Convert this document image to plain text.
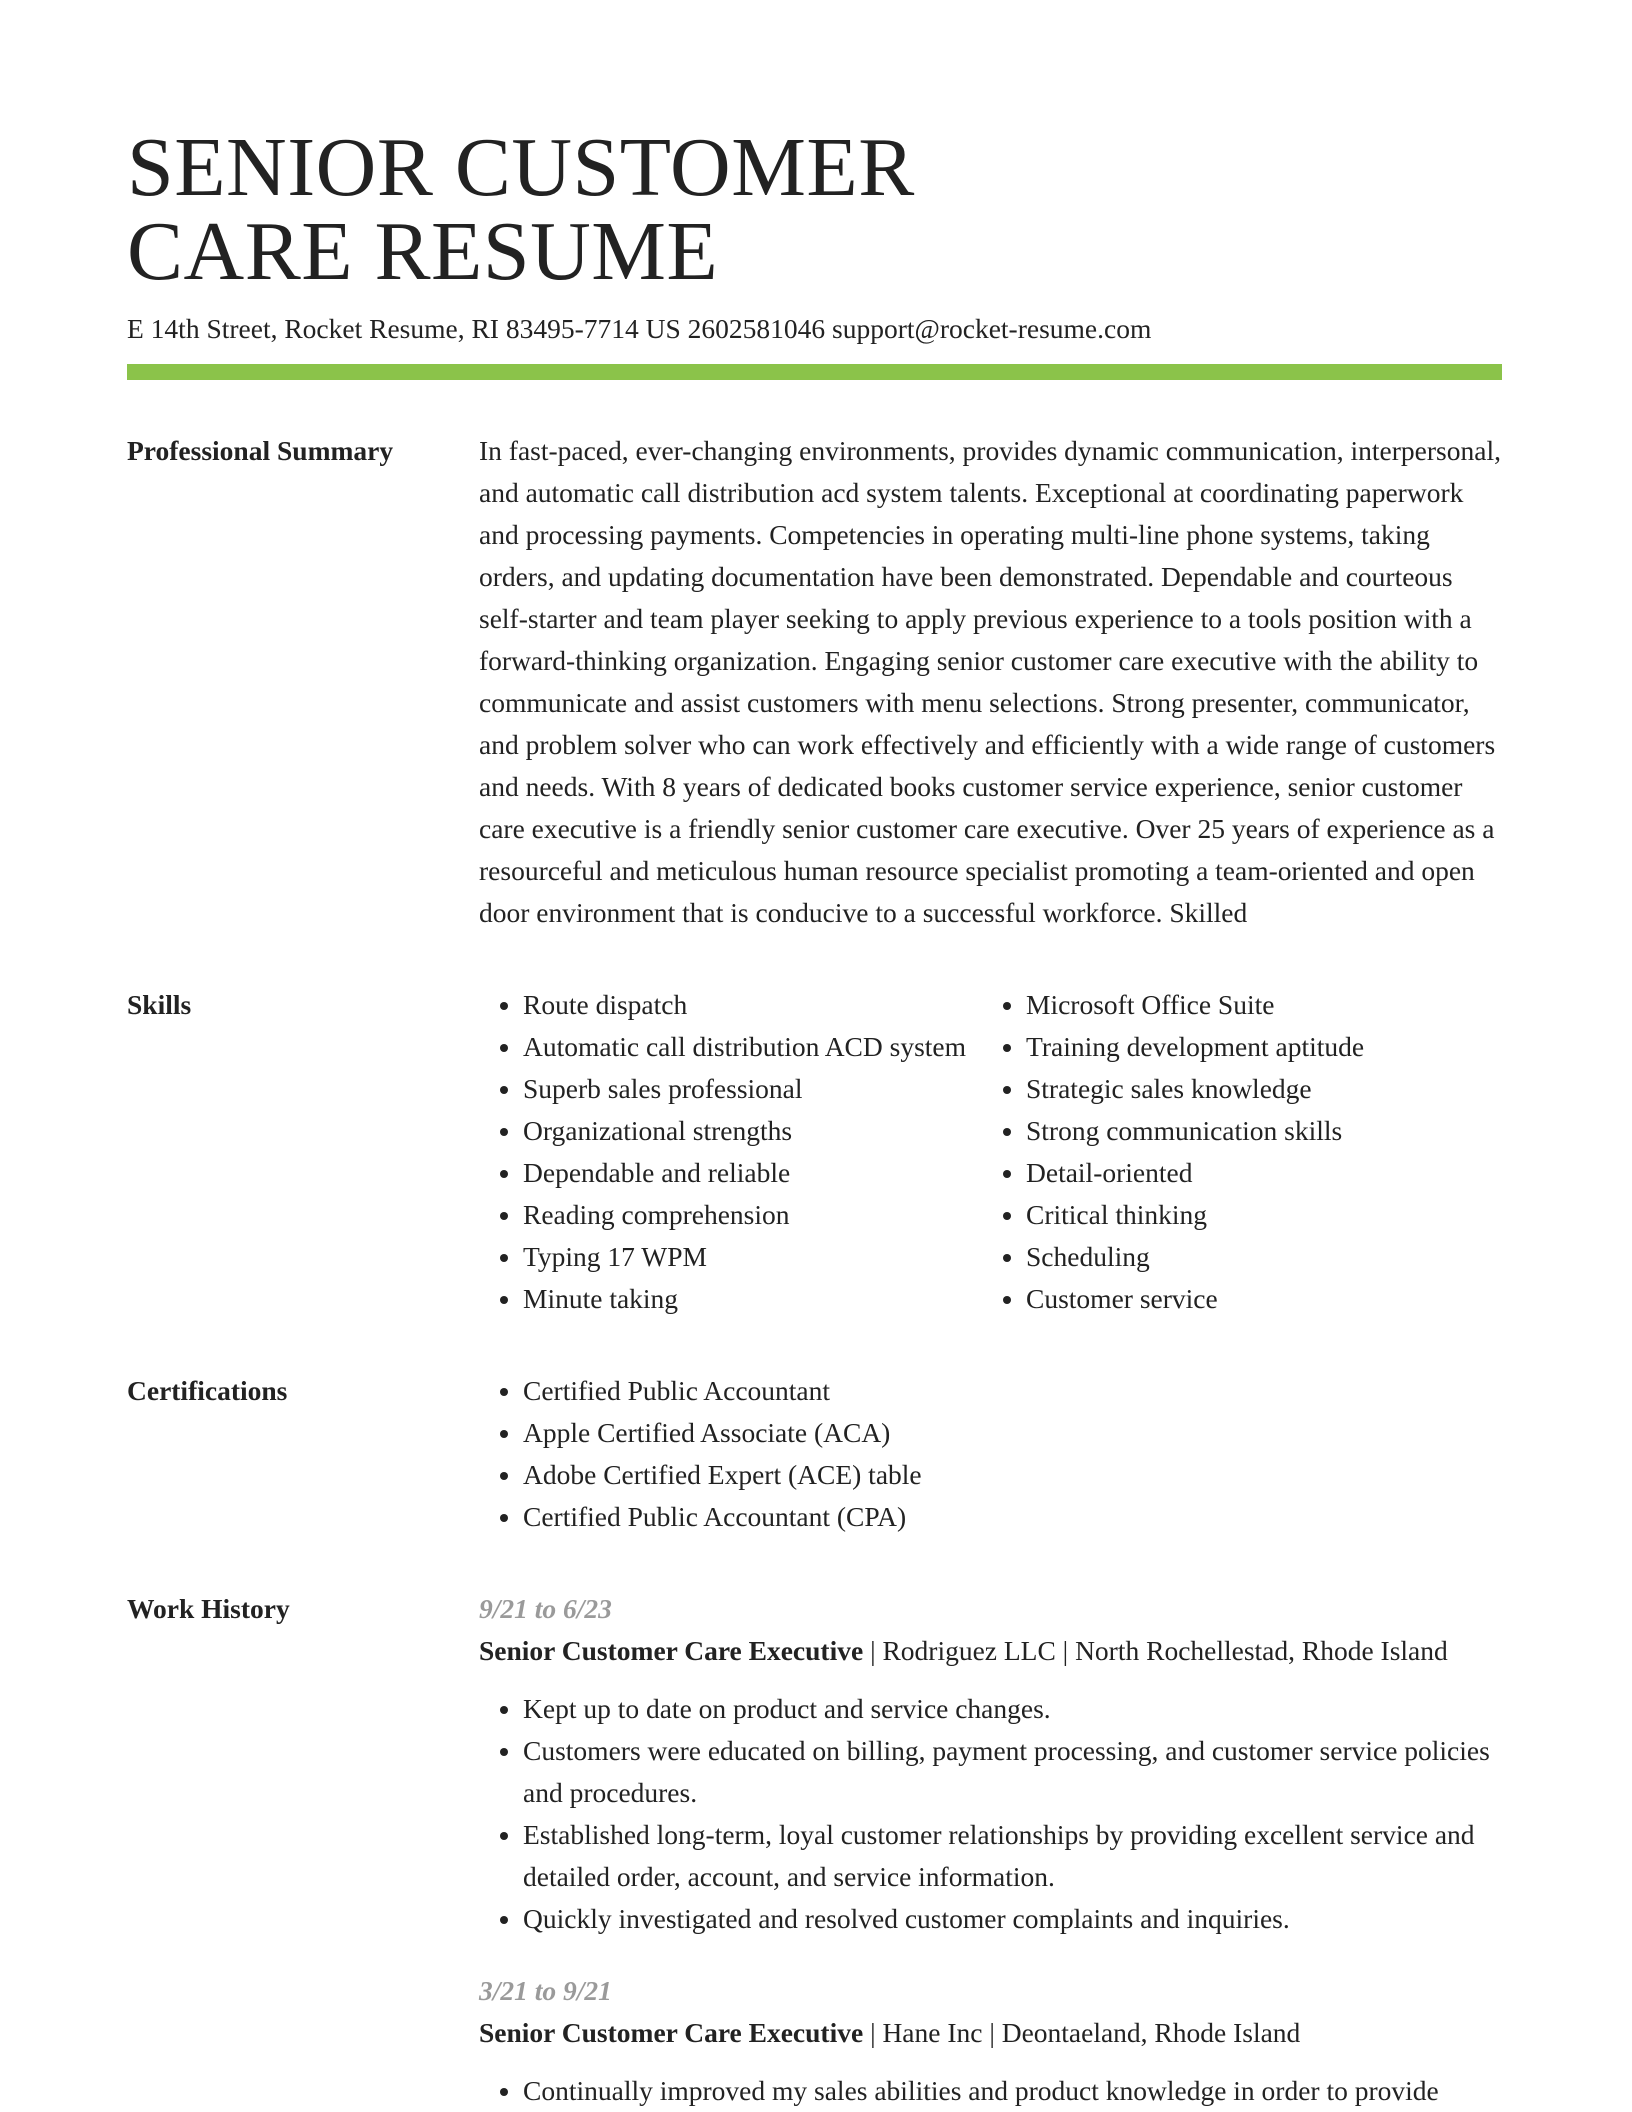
SENIOR CUSTOMER
CARE RESUME
E 14th Street, Rocket Resume, RI 83495-7714 US 2602581046 support@rocket-resume.com
Professional Summary	In fast-paced, ever-changing environments, provides dynamic communication, interpersonal, and automatic call distribution acd system talents. Exceptional at coordinating paperwork and processing payments. Competencies in operating multi-line phone systems, taking orders, and updating documentation have been demonstrated. Dependable and courteous self-starter and team player seeking to apply previous experience to a tools position with a forward-thinking organization. Engaging senior customer care executive with the ability to communicate and assist customers with menu selections. Strong presenter, communicator, and problem solver who can work effectively and efficiently with a wide range of customers and needs. With 8 years of dedicated books customer service experience, senior customer care executive is a friendly senior customer care executive. Over 25 years of experience as a resourceful and meticulous human resource specialist promoting a team-oriented and open door environment that is conducive to a successful workforce. Skilled

Skills	• Route dispatch
• Automatic call distribution ACD system
• Superb sales professional
• Organizational strengths
• Dependable and reliable
• Reading comprehension
• Typing 17 WPM
• Minute taking
• Microsoft Office Suite
• Training development aptitude
• Strategic sales knowledge
• Strong communication skills
• Detail-oriented
• Critical thinking
• Scheduling
• Customer service
Certifications	• Certified Public Accountant
• Apple Certified Associate (ACA)
• Adobe Certified Expert (ACE) table
• Certified Public Accountant (CPA)
Work History	9/21 to 6/23
Senior Customer Care Executive | Rodriguez LLC | North Rochellestad, Rhode Island
• Kept up to date on product and service changes.
• Customers were educated on billing, payment processing, and customer service policies and procedures.
• Established long-term, loyal customer relationships by providing excellent service and detailed order, account, and service information.
• Quickly investigated and resolved customer complaints and inquiries.
3/21 to 9/21
Senior Customer Care Executive | Hane Inc | Deontaeland, Rhode Island
• Continually improved my sales abilities and product knowledge in order to provide
